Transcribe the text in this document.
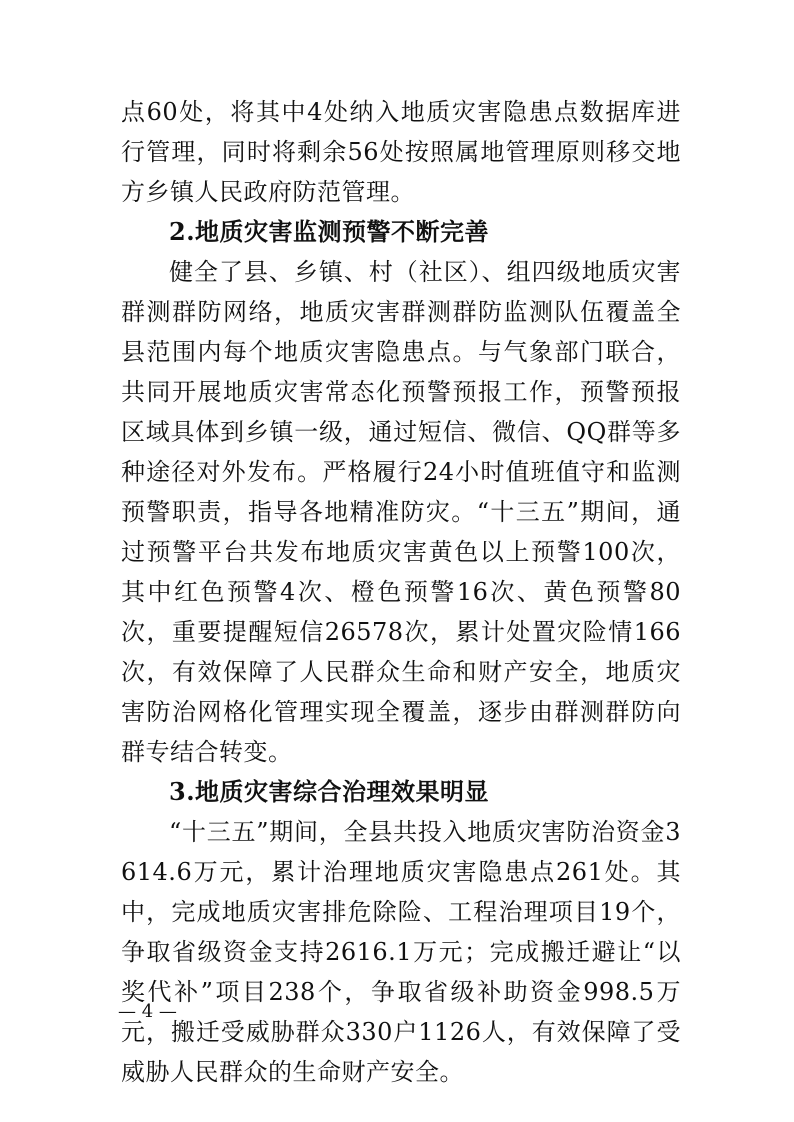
点60处，将其中4处纳入地质灾害隐患点数据库进行管理，同时将剩余56处按照属地管理原则移交地方乡镇人民政府防范管理。

2.地质灾害监测预警不断完善

健全了县、乡镇、村（社区）、组四级地质灾害群测群防网络，地质灾害群测群防监测队伍覆盖全县范围内每个地质灾害隐患点。与气象部门联合，共同开展地质灾害常态化预警预报工作，预警预报区域具体到乡镇一级，通过短信、微信、QQ群等多种途径对外发布。严格履行24小时值班值守和监测预警职责，指导各地精准防灾。“十三五”期间，通过预警平台共发布地质灾害黄色以上预警100次，其中红色预警4次、橙色预警16次、黄色预警80次，重要提醒短信26578次，累计处置灾险情166次，有效保障了人民群众生命和财产安全，地质灾害防治网格化管理实现全覆盖，逐步由群测群防向群专结合转变。

3.地质灾害综合治理效果明显

“十三五”期间，全县共投入地质灾害防治资金3614.6万元，累计治理地质灾害隐患点261处。其中，完成地质灾害排危除险、工程治理项目19个，争取省级资金支持2616.1万元；完成搬迁避让“以奖代补”项目238个，争取省级补助资金998.5万元，搬迁受威胁群众330户1126人，有效保障了受威胁人民群众的生命财产安全。

— 4 —
